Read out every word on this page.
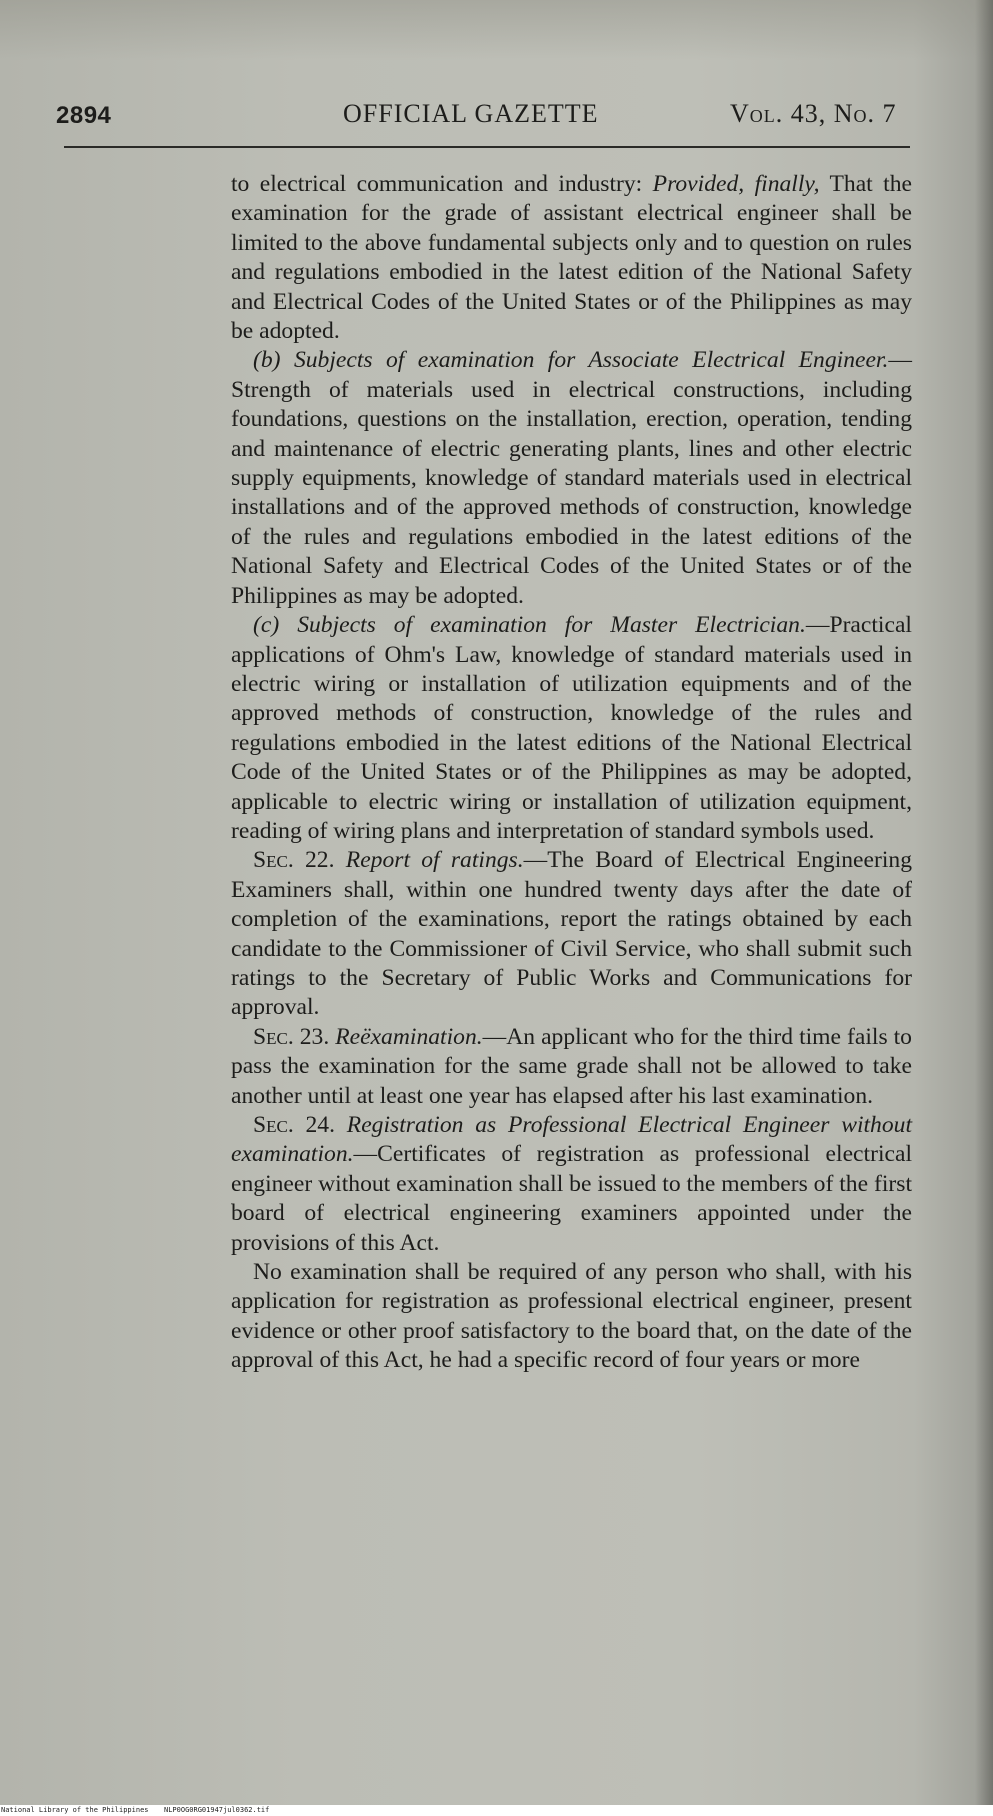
2894	OFFICIAL GAZETTE	Vol. 43, No. 7

to electrical communication and industry: Provided, finally, That the examination for the grade of assistant electrical engineer shall be limited to the above fundamental subjects only and to question on rules and regulations embodied in the latest edition of the National Safety and Electrical Codes of the United States or of the Philippines as may be adopted.

(b) Subjects of examination for Associate Electrical Engineer.—Strength of materials used in electrical constructions, including foundations, questions on the installation, erection, operation, tending and maintenance of electric generating plants, lines and other electric supply equipments, knowledge of standard materials used in electrical installations and of the approved methods of construction, knowledge of the rules and regulations embodied in the latest editions of the National Safety and Electrical Codes of the United States or of the Philippines as may be adopted.

(c) Subjects of examination for Master Electrician.—Practical applications of Ohm's Law, knowledge of standard materials used in electric wiring or installation of utilization equipments and of the approved methods of construction, knowledge of the rules and regulations embodied in the latest editions of the National Electrical Code of the United States or of the Philippines as may be adopted, applicable to electric wiring or installation of utilization equipment, reading of wiring plans and interpretation of standard symbols used.

Sec. 22. Report of ratings.—The Board of Electrical Engineering Examiners shall, within one hundred twenty days after the date of completion of the examinations, report the ratings obtained by each candidate to the Commissioner of Civil Service, who shall submit such ratings to the Secretary of Public Works and Communications for approval.

Sec. 23. Reëxamination.—An applicant who for the third time fails to pass the examination for the same grade shall not be allowed to take another until at least one year has elapsed after his last examination.

Sec. 24. Registration as Professional Electrical Engineer without examination.—Certificates of registration as professional electrical engineer without examination shall be issued to the members of the first board of electrical engineering examiners appointed under the provisions of this Act.

No examination shall be required of any person who shall, with his application for registration as professional electrical engineer, present evidence or other proof satisfactory to the board that, on the date of the approval of this Act, he had a specific record of four years or more

National Library of the Philippines NLP0OG0RG01947jul0362.tif
